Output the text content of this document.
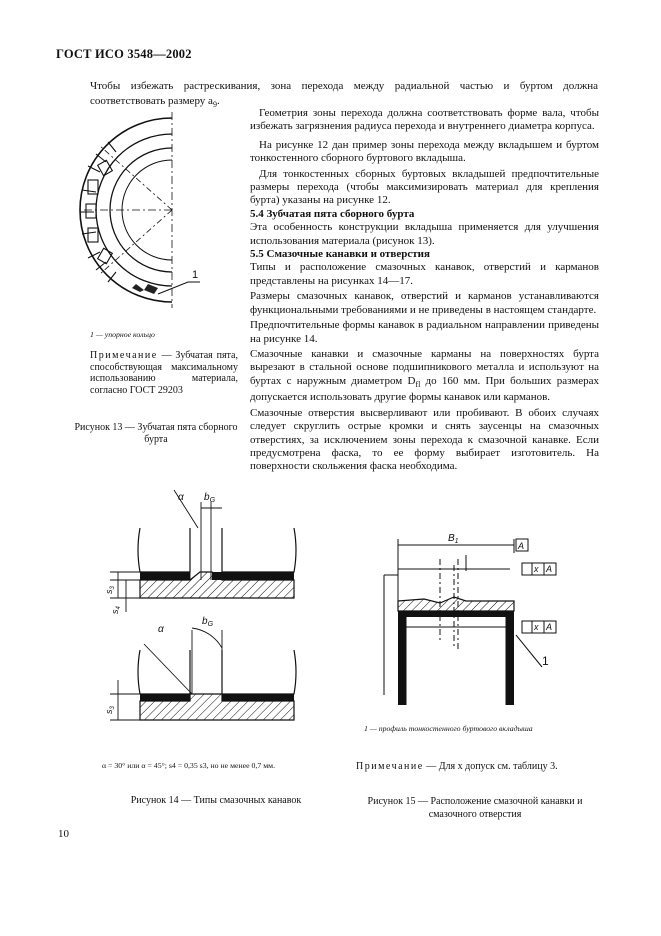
ГОСТ ИСО 3548—2002
Чтобы избежать растрескивания, зона перехода между радиальной частью и буртом должна
соответствовать размеру $a_9$.

Геометрия зоны перехода должна соответствовать форме вала, чтобы избежать загрязнения радиуса перехода и внутреннего диаметра корпуса.

На рисунке 12 дан пример зоны перехода между вкладышем и буртом тонкостенного сборного буртового вкладыша.

Для тонкостенных сборных буртовых вкладышей предпочтительные размеры перехода (чтобы максимизировать материал для крепления бурта) указаны на рисунке 12.

5.4 Зубчатая пята сборного бурта

Эта особенность конструкции вкладыша применяется для улучшения использования материала (рисунок 13).

5.5 Смазочные канавки и отверстия

Типы и расположение смазочных канавок, отверстий и карманов представлены на рисунках 14—17.

Размеры смазочных канавок, отверстий и карманов устанавливаются функциональными требованиями и не приведены в настоящем стандарте.

Предпочтительные формы канавок в радиальном направлении приведены на рисунке 14.

Смазочные канавки и смазочные карманы на поверхностях бурта вырезают в стальной основе подшипникового металла и используют на буртах с наружным диаметром $D_{fl}$ до 160 мм. При больших размерах допускается использовать другие формы канавок или карманов.

Смазочные отверстия высверливают или пробивают. В обоих случаях следует скруглить острые кромки и снять заусенцы на смазочных отверстиях, за исключением зоны перехода к смазочной канавке. Если предусмотрена фаска, то ее форму выбирает изготовитель. На поверхности скольжения фаска необходима.

1
1 — упорное кольцо
Примечание — Зубчатая пята, способствующая максимальному использованию материала, согласно ГОСТ 29203
Рисунок 13 — Зубчатая пята сборного бурта
α $b_G$
$s_3$
$s_4$
α
$b_G$
$s_3$
α = 30° или α = 45°; s4 = 0,35 s3, но не менее 0,7 мм.
Рисунок 14 — Типы смазочных канавок
$B_1$	A
x A
x A
1
1 — профиль тонкостенного буртового вкладыша
Примечание — Для x допуск см. таблицу 3.
Рисунок 15 — Расположение смазочной канавки и смазочного отверстия
10
